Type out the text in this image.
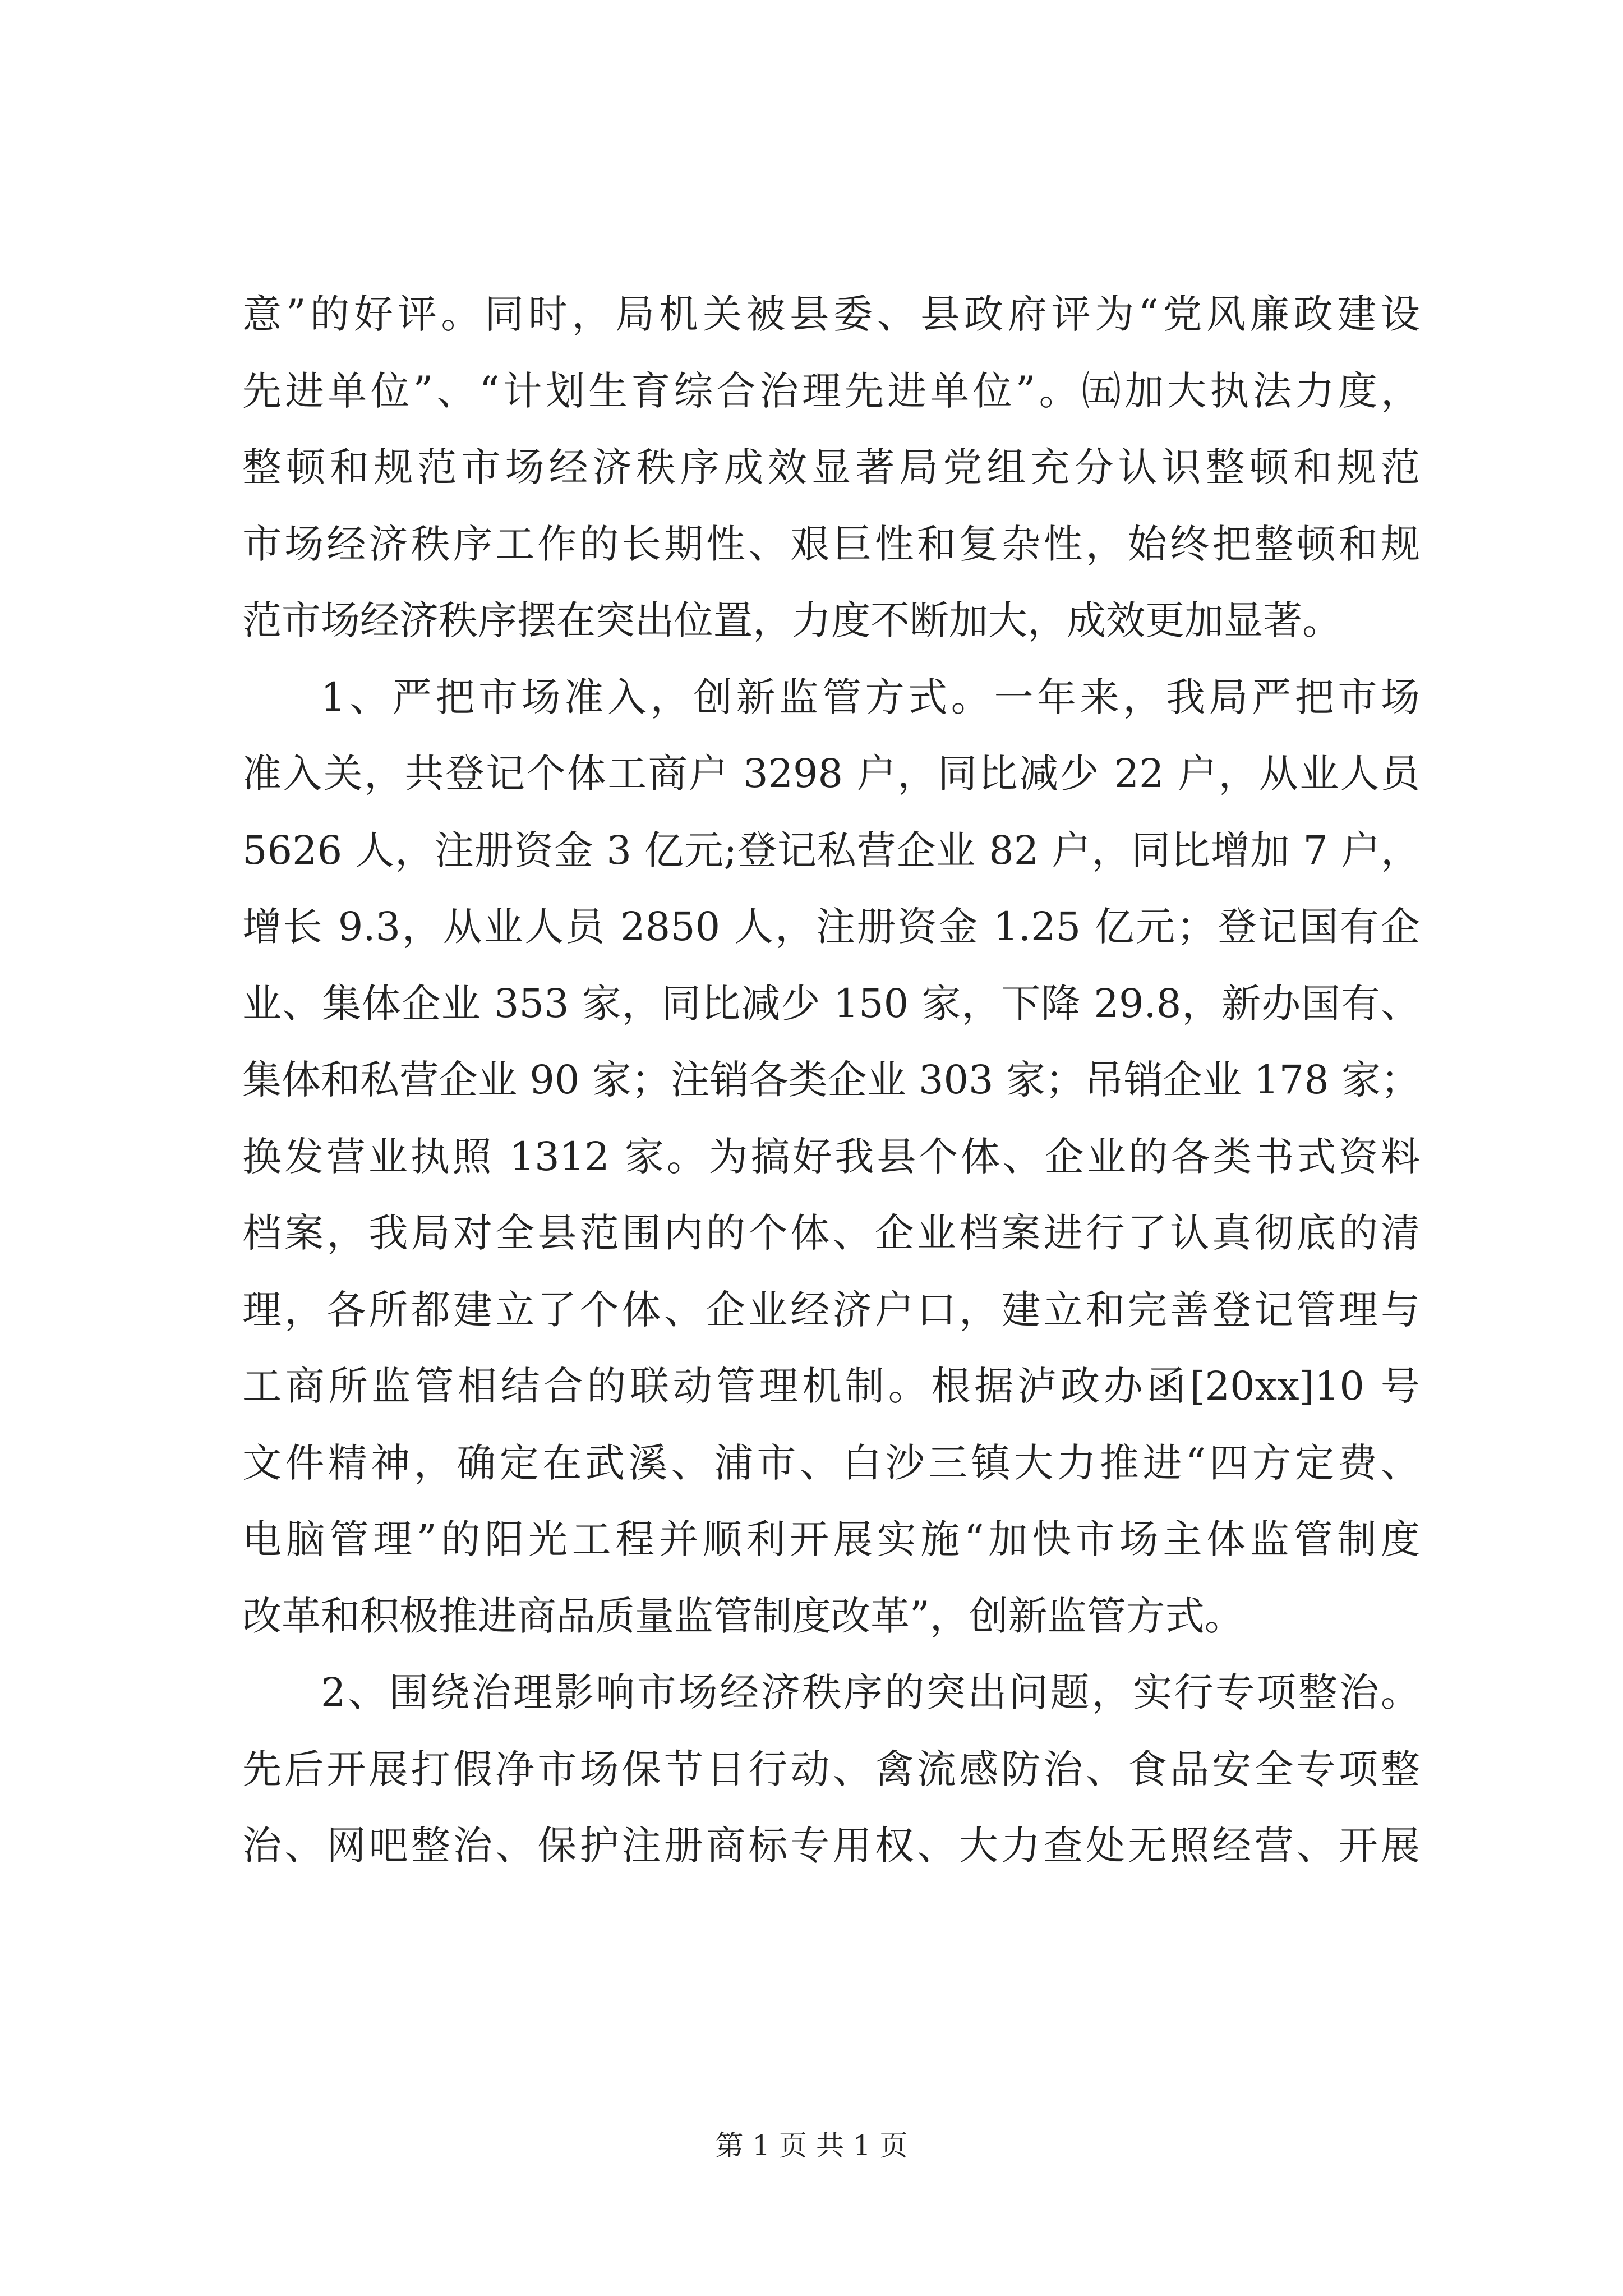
意”的好评。同时，局机关被县委、县政府评为“党风廉政建设
先进单位”、“计划生育综合治理先进单位”。㈤加大执法力度，
整顿和规范市场经济秩序成效显著局党组充分认识整顿和规范
市场经济秩序工作的长期性、艰巨性和复杂性，始终把整顿和规
范市场经济秩序摆在突出位置，力度不断加大，成效更加显著。
1、严把市场准入，创新监管方式。一年来，我局严把市场
准入关，共登记个体工商户 3298 户，同比减少 22 户，从业人员
5626 人，注册资金 3 亿元;登记私营企业 82 户，同比增加 7 户，
增长 9.3，从业人员 2850 人，注册资金 1.25 亿元；登记国有企
业、集体企业 353 家，同比减少 150 家，下降 29.8，新办国有、
集体和私营企业 90 家；注销各类企业 303 家；吊销企业 178 家；
换发营业执照 1312 家。为搞好我县个体、企业的各类书式资料
档案，我局对全县范围内的个体、企业档案进行了认真彻底的清
理，各所都建立了个体、企业经济户口，建立和完善登记管理与
工商所监管相结合的联动管理机制。根据泸政办函[20xx]10 号
文件精神，确定在武溪、浦市、白沙三镇大力推进“四方定费、
电脑管理”的阳光工程并顺利开展实施“加快市场主体监管制度
改革和积极推进商品质量监管制度改革”，创新监管方式。
2、围绕治理影响市场经济秩序的突出问题，实行专项整治。
先后开展打假净市场保节日行动、禽流感防治、食品安全专项整
治、网吧整治、保护注册商标专用权、大力查处无照经营、开展
第 1 页 共 1 页
